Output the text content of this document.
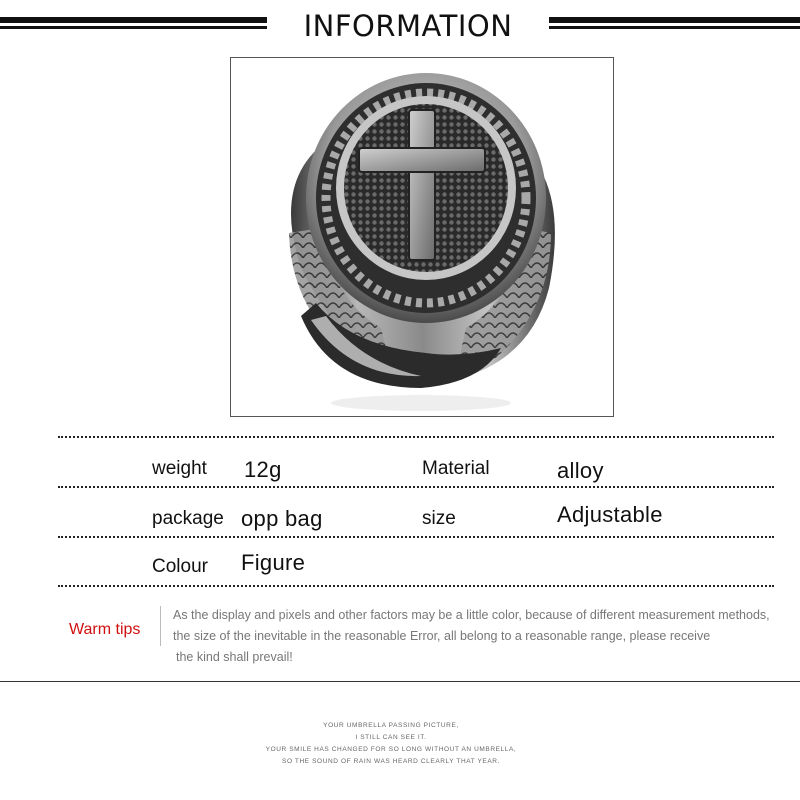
INFORMATION
weight 12g	Material	alloy
package opp bag	size	Adjustable
Colour Figure
Warm tips
As the display and pixels and other factors may be a little color, because of different measurement methods,
the size of the inevitable in the reasonable Error, all belong to a reasonable range, please receive
the kind shall prevail!
YOUR UMBRELLA PASSING PICTURE,
I STILL CAN SEE IT.
YOUR SMILE HAS CHANGED FOR SO LONG WITHOUT AN UMBRELLA,
SO THE SOUND OF RAIN WAS HEARD CLEARLY THAT YEAR.
